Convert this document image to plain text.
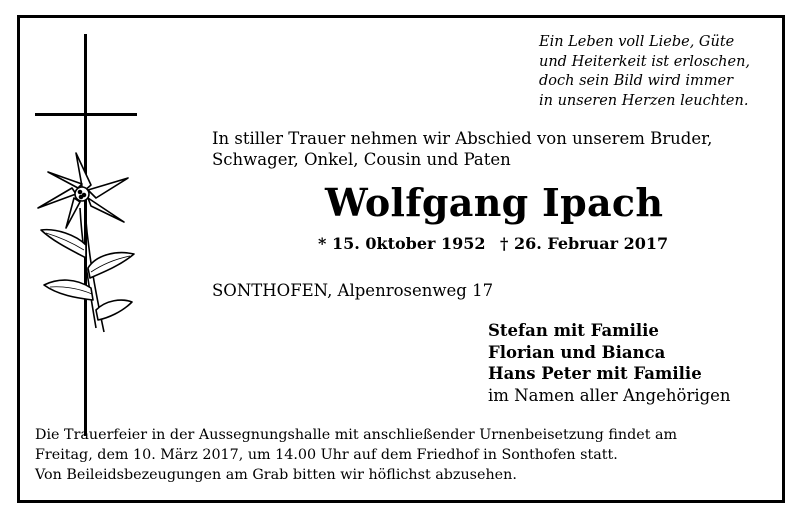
Ein Leben voll Liebe, Güte
und Heiterkeit ist erloschen,
doch sein Bild wird immer
in unseren Herzen leuchten.
In stiller Trauer nehmen wir Abschied von unserem Bruder,
Schwager, Onkel, Cousin und Paten
Wolfgang Ipach
* 15. 0ktober 1952 † 26. Februar 2017
SONTHOFEN, Alpenrosenweg 17
Stefan mit Familie
Florian und Bianca
Hans Peter mit Familie
im Namen aller Angehörigen
Die Trauerfeier in der Aussegnungshalle mit anschließender Urnenbeisetzung findet am
Freitag, dem 10. März 2017, um 14.00 Uhr auf dem Friedhof in Sonthofen statt.
Von Beileidsbezeugungen am Grab bitten wir höflichst abzusehen.
